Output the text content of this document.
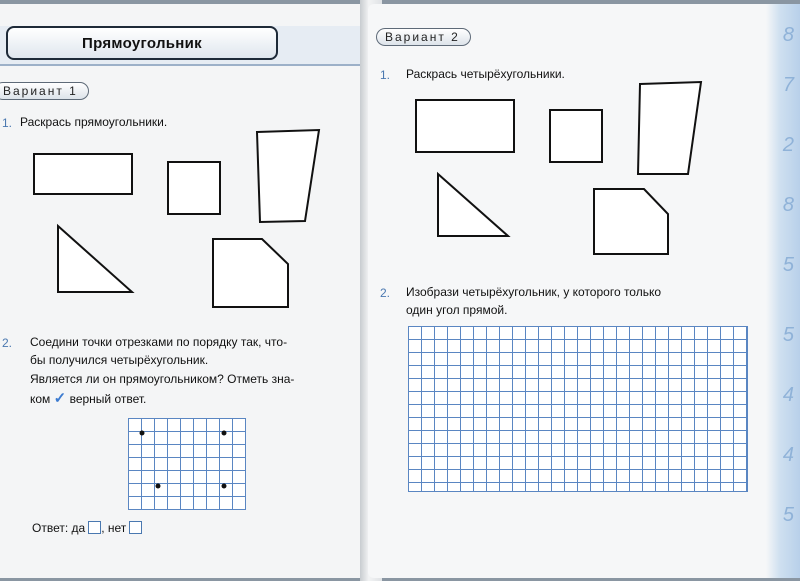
Прямоугольник
Вариант 1
1. Раскрась прямоугольники.
2. Соедини точки отрезками по порядку так, что-
бы получился четырёхугольник.
Является ли он прямоугольником? Отметь зна-
ком ✓ верный ответ.
Ответ: да , нет
8
7
2
8
5
5
4
4
5
Вариант 2
1. Раскрась четырёхугольники.
2. Изобрази четырёхугольник, у которого только
один угол прямой.
